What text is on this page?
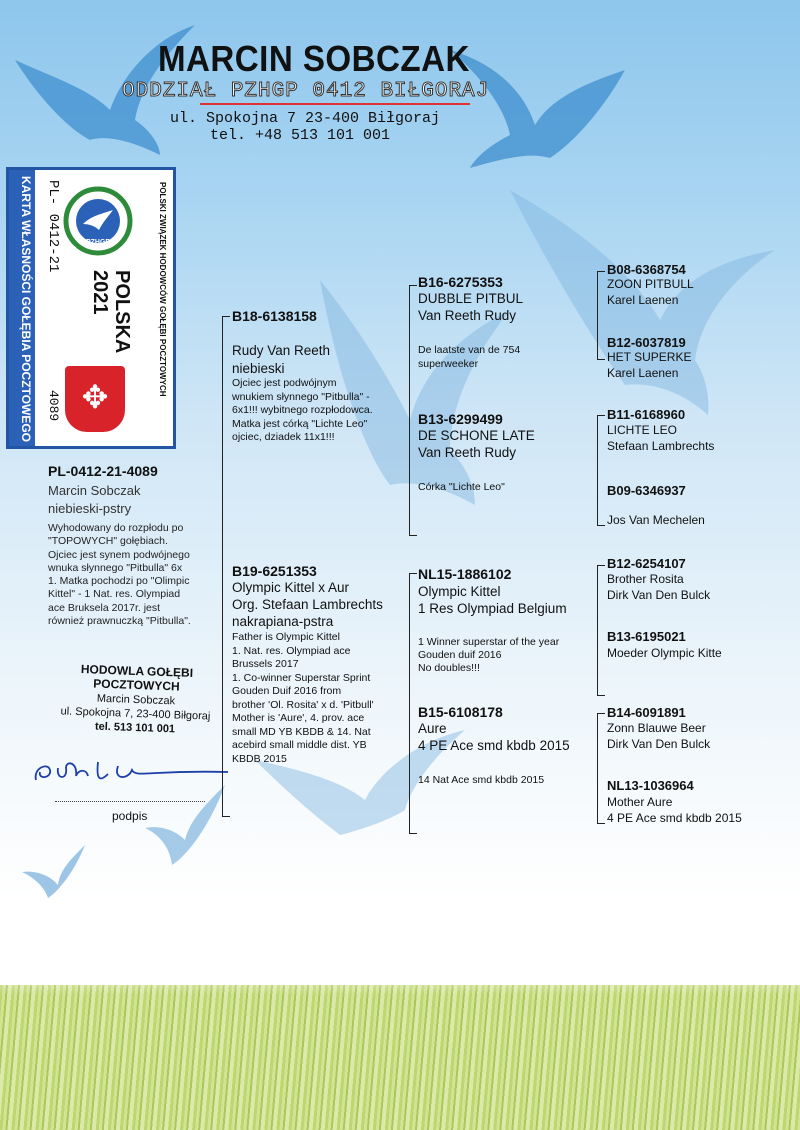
MARCIN SOBCZAK
ODDZIAŁ PZHGP 0412 BIŁGORAJ
ul. Spokojna 7 23-400 Biłgoraj
tel. +48 513 101 001
KARTA WŁASNOŚCI GOŁĘBIA POCZTOWEGO PL- 0412-21	POLSKI ZWIĄZEK HODOWCÓW GOŁĘBI POCZTOWYCH
PZHGP
POLSKA
2021
✥
4089
PL-0412-21-4089
Marcin Sobczak
niebieski-pstry
Wyhodowany do rozpłodu po
"TOPOWYCH" gołębiach.
Ojciec jest synem podwójnego
wnuka słynnego "Pitbulla" 6x
1. Matka pochodzi po "Olimpic
Kittel" - 1 Nat. res. Olympiad
ace Bruksela 2017r. jest
również prawnuczką "Pitbulla".
HODOWLA GOŁĘBI POCZTOWYCH
Marcin Sobczak
ul. Spokojna 7, 23-400 Biłgoraj
tel. 513 101 001
podpis
B18-6138158
Rudy Van Reeth
niebieski
Ojciec jest podwójnym
wnukiem słynnego "Pitbulla" -
6x1!!! wybitnego rozpłodowca.
Matka jest córką "Lichte Leo"
ojciec, dziadek 11x1!!!
B19-6251353
Olympic Kittel x Aur
Org. Stefaan Lambrechts
nakrapiana-pstra
Father is Olympic Kittel
1. Nat. res. Olympiad ace
Brussels 2017
1. Co-winner Superstar Sprint
Gouden Duif 2016 from
brother 'Ol. Rosita' x d. 'Pitbull'
Mother is 'Aure', 4. prov. ace
small MD YB KBDB & 14. Nat
acebird small middle dist. YB
KBDB 2015
B16-6275353
DUBBLE PITBUL
Van Reeth Rudy
De laatste van de 754
superweeker
B13-6299499
DE SCHONE LATE
Van Reeth Rudy
Córka "Lichte Leo"
NL15-1886102
Olympic Kittel
1 Res Olympiad Belgium
1 Winner superstar of the year
Gouden duif 2016
No doubles!!!
B15-6108178
Aure
4 PE Ace smd kbdb 2015
14 Nat Ace smd kbdb 2015
B08-6368754
ZOON PITBULL
Karel Laenen
B12-6037819
HET SUPERKE
Karel Laenen
B11-6168960
LICHTE LEO
Stefaan Lambrechts
B09-6346937
Jos Van Mechelen
B12-6254107
Brother Rosita
Dirk Van Den Bulck
B13-6195021
Moeder Olympic Kitte
B14-6091891
Zonn Blauwe Beer
Dirk Van Den Bulck
NL13-1036964
Mother Aure
4 PE Ace smd kbdb 2015
